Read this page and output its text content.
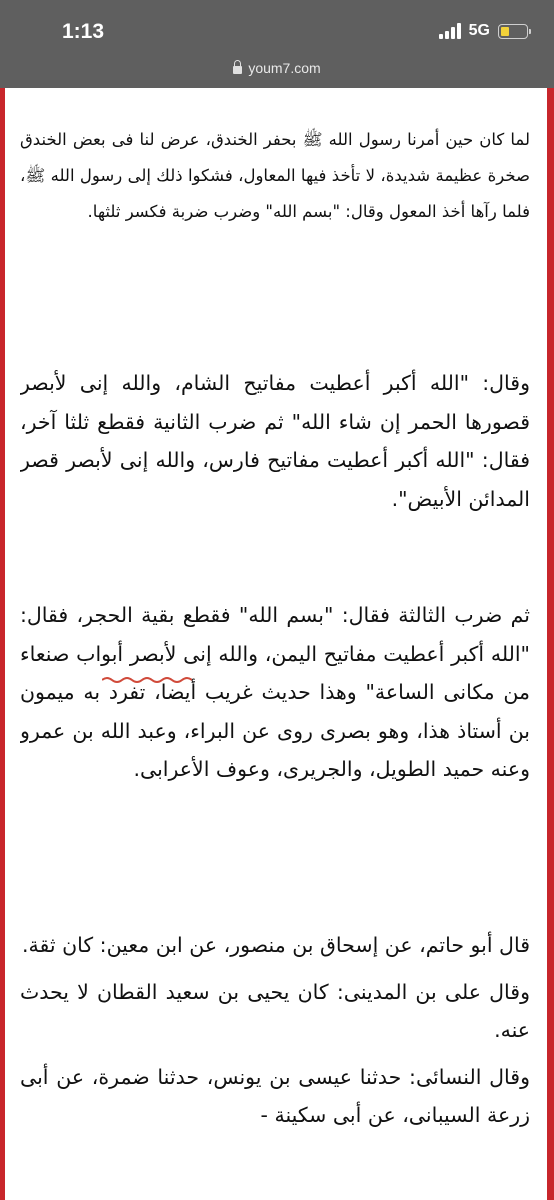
1:13	5G
youm7.com

لما كان حين أمرنا رسول الله ﷺ بحفر الخندق، عرض لنا فى بعض الخندق صخرة عظيمة شديدة، لا تأخذ فيها المعاول، فشكوا ذلك إلى رسول الله ﷺ، فلما رآها أخذ المعول وقال: "بسم الله" وضرب ضربة فكسر ثلثها.

وقال: "الله أكبر أعطيت مفاتيح الشام، والله إنى لأبصر قصورها الحمر إن شاء الله" ثم ضرب الثانية فقطع ثلثا آخر، فقال: "الله أكبر أعطيت مفاتيح فارس، والله إنى لأبصر قصر المدائن الأبيض".

ثم ضرب الثالثة فقال: "بسم الله" فقطع بقية الحجر، فقال: "الله أكبر أعطيت مفاتيح اليمن، والله إنى لأبصر أبواب صنعاء من مكانى الساعة" وهذا حديث غريب أيضا، تفرد به ميمون بن أستاذ هذا، وهو بصرى روى عن البراء، وعبد الله بن عمرو وعنه حميد الطويل، والجريرى، وعوف الأعرابى.

قال أبو حاتم، عن إسحاق بن منصور، عن ابن معين: كان ثقة.

وقال على بن المدينى: كان يحيى بن سعيد القطان لا يحدث عنه.

وقال النسائى: حدثنا عيسى بن يونس، حدثنا ضمرة، عن أبى زرعة السيبانى، عن أبى سكينة -
